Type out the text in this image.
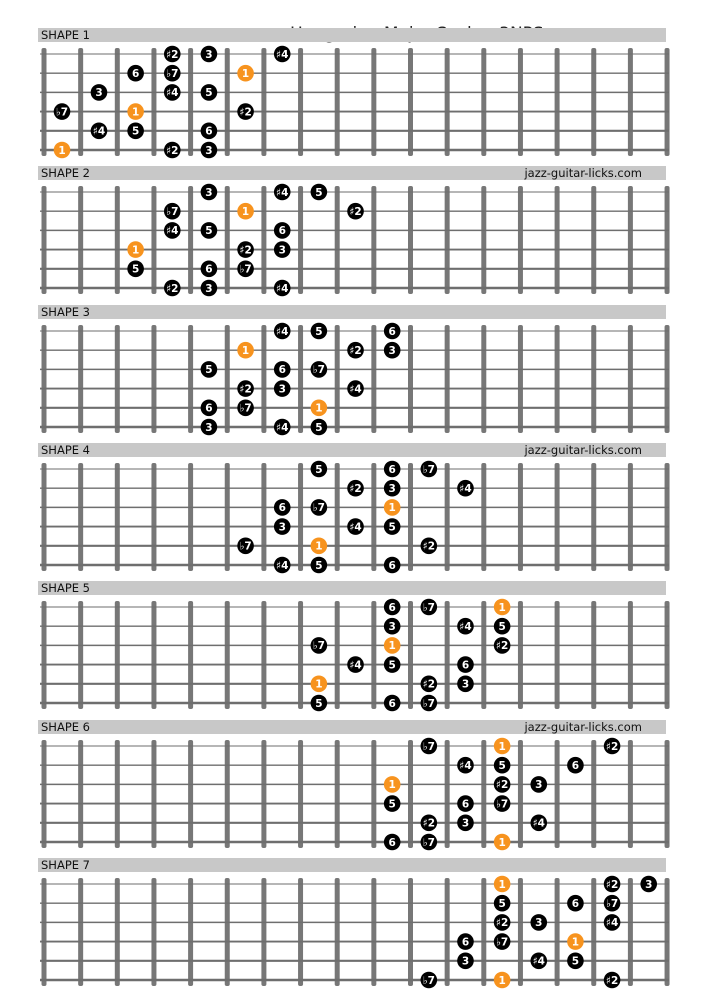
SHAPE 1
♯2	3	♯4
6	♭7	1
3	♯4	5
♭7	1	♯2
♯4	5	6
1	♯2	3
SHAPE 2	jazz-guitar-licks.com
3	♯4	5
♭7	1	♯2
♯4	5	6
1	♯2	3
5	6	♭7
♯2	3	♯4
SHAPE 3
♯4	5	6
1	♯2	3
5	6	♭7
♯2	3	♯4
6	♭7	1
3	♯4	5
SHAPE 4	jazz-guitar-licks.com
5	6	♭7
♯2	3	♯4
6	♭7	1
3	♯4	5
♭7	1	♯2
♯4	5	6
SHAPE 5
6	♭7	1
3	♯4	5
♭7	1	♯2
♯4	5	6
1	♯2	3
5	6	♭7
SHAPE 6	jazz-guitar-licks.com
♭7	1	♯2
♯4	5	6
1	♯2	3
5	6	♭7
♯2	3	♯4
6	♭7	1
SHAPE 7
1	♯2	3
5	6	♭7
♯2	3	♯4
6	♭7	1
3	♯4	5
♭7	1	♯2
